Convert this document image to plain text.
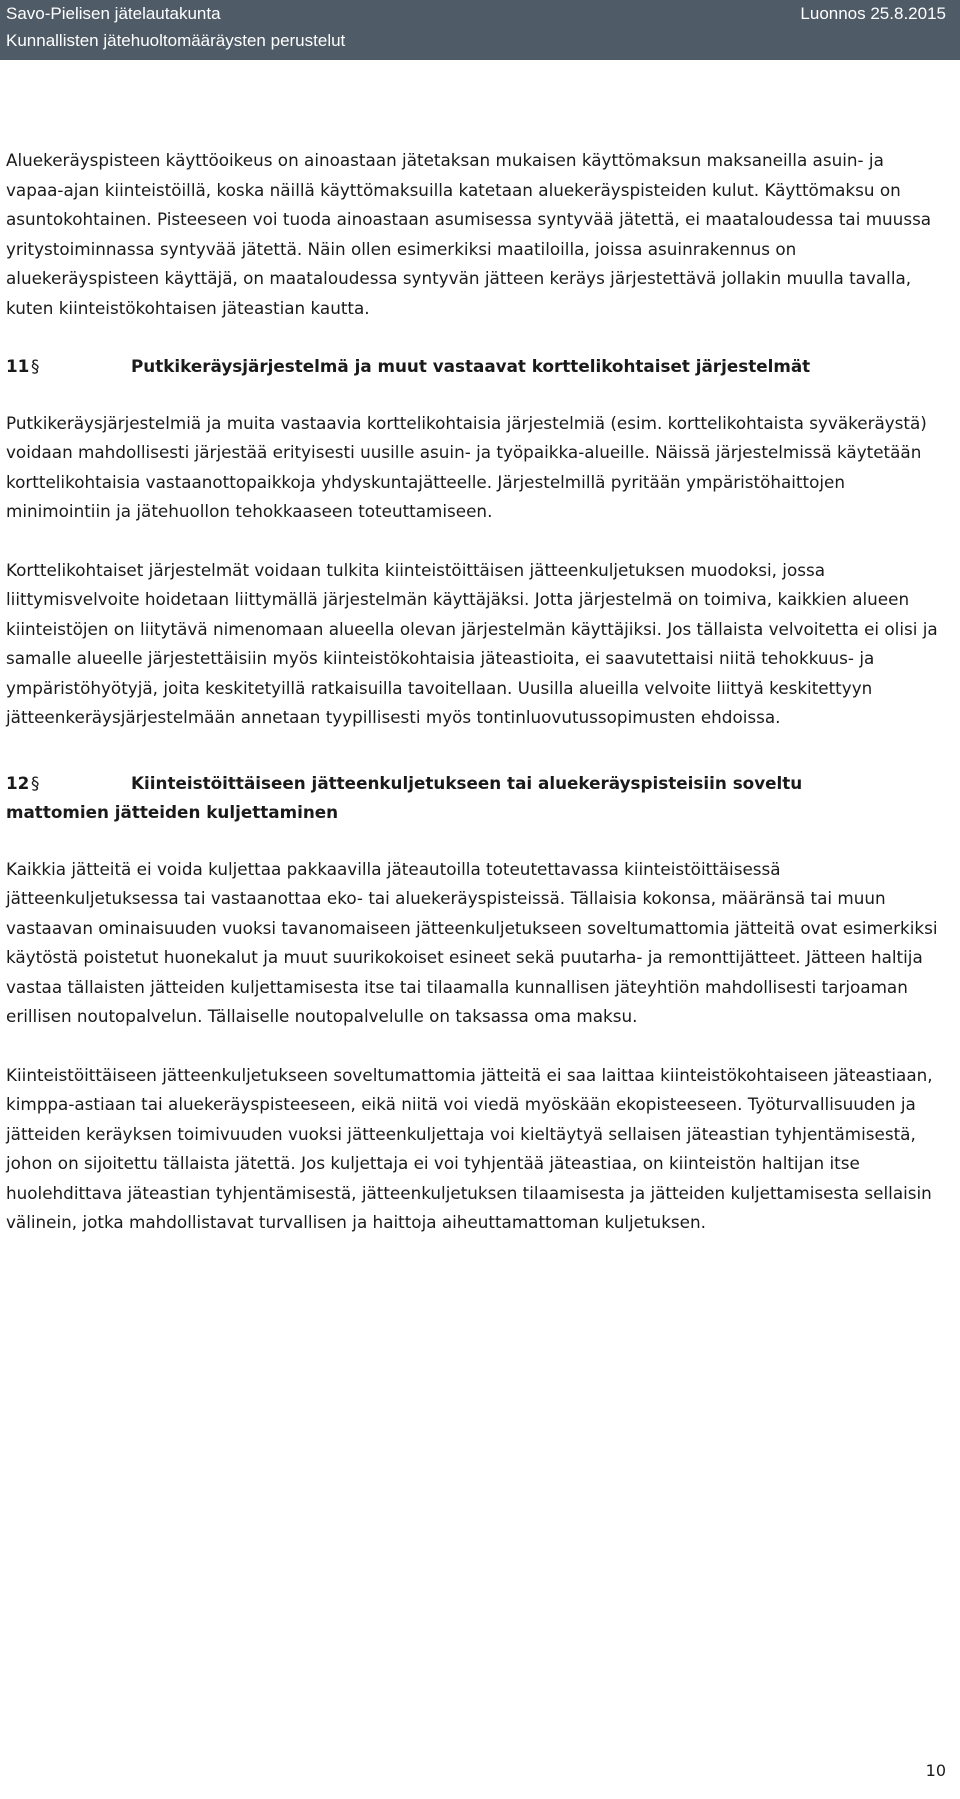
Savo-Pielisen jätelautakunta	Luonnos 25.8.2015
Kunnallisten jätehuoltomääräysten perustelut

Aluekeräyspisteen käyttöoikeus on ainoastaan jätetaksan mukaisen käyttömaksun maksaneilla asuin- ja vapaa-ajan kiinteistöillä, koska näillä käyttömaksuilla katetaan aluekeräyspisteiden kulut. Käyttömaksu on asuntokohtainen. Pisteeseen voi tuoda ainoastaan asumisessa syntyvää jätettä, ei maataloudessa tai muussa yritystoiminnassa syntyvää jätettä. Näin ollen esimerkiksi maatiloilla, joissa asuinrakennus on aluekeräyspisteen käyttäjä, on maataloudessa syntyvän jätteen keräys järjestettävä jollakin muulla tavalla, kuten kiinteistökohtaisen jäteastian kautta.

11§	Putkikeräysjärjestelmä ja muut vastaavat korttelikohtaiset järjestelmät

Putkikeräysjärjestelmiä ja muita vastaavia korttelikohtaisia järjestelmiä (esim. korttelikohtaista syväkeräystä) voidaan mahdollisesti järjestää erityisesti uusille asuin- ja työpaikka-alueille. Näissä järjestelmissä käytetään korttelikohtaisia vastaanottopaikkoja yhdyskuntajätteelle. Järjestelmillä pyritään ympäristöhaittojen minimointiin ja jätehuollon tehokkaaseen toteuttamiseen.

Korttelikohtaiset järjestelmät voidaan tulkita kiinteistöittäisen jätteenkuljetuksen muodoksi, jossa liittymisvelvoite hoidetaan liittymällä järjestelmän käyttäjäksi. Jotta järjestelmä on toimiva, kaikkien alueen kiinteistöjen on liitytävä nimenomaan alueella olevan järjestelmän käyttäjiksi. Jos tällaista velvoitetta ei olisi ja samalle alueelle järjestettäisiin myös kiinteistökohtaisia jäteastioita, ei saavutettaisi niitä tehokkuus- ja ympäristöhyötyjä, joita keskitetyillä ratkaisuilla tavoitellaan. Uusilla alueilla velvoite liittyä keskitettyyn jätteenkeräysjärjestelmään annetaan tyypillisesti myös tontinluovutussopimusten ehdoissa.

12§	Kiinteistöittäiseen jätteenkuljetukseen tai aluekeräyspisteisiin soveltu
mattomien jätteiden kuljettaminen

Kaikkia jätteitä ei voida kuljettaa pakkaavilla jäteautoilla toteutettavassa kiinteistöittäisessä jätteenkuljetuksessa tai vastaanottaa eko- tai aluekeräyspisteissä. Tällaisia kokonsa, määränsä tai muun vastaavan ominaisuuden vuoksi tavanomaiseen jätteenkuljetukseen soveltumattomia jätteitä ovat esimerkiksi käytöstä poistetut huonekalut ja muut suurikokoiset esineet sekä puutarha- ja remonttijätteet. Jätteen haltija vastaa tällaisten jätteiden kuljettamisesta itse tai tilaamalla kunnallisen jäteyhtiön mahdollisesti tarjoaman erillisen noutopalvelun. Tällaiselle noutopalvelulle on taksassa oma maksu.

Kiinteistöittäiseen jätteenkuljetukseen soveltumattomia jätteitä ei saa laittaa kiinteistökohtaiseen jäteastiaan, kimppa-astiaan tai aluekeräyspisteeseen, eikä niitä voi viedä myöskään ekopisteeseen. Työturvallisuuden ja jätteiden keräyksen toimivuuden vuoksi jätteenkuljettaja voi kieltäytyä sellaisen jäteastian tyhjentämisestä, johon on sijoitettu tällaista jätettä. Jos kuljettaja ei voi tyhjentää jäteastiaa, on kiinteistön haltijan itse huolehdittava jäteastian tyhjentämisestä, jätteenkuljetuksen tilaamisesta ja jätteiden kuljettamisesta sellaisin välinein, jotka mahdollistavat turvallisen ja haittoja aiheuttamattoman kuljetuksen.

10
